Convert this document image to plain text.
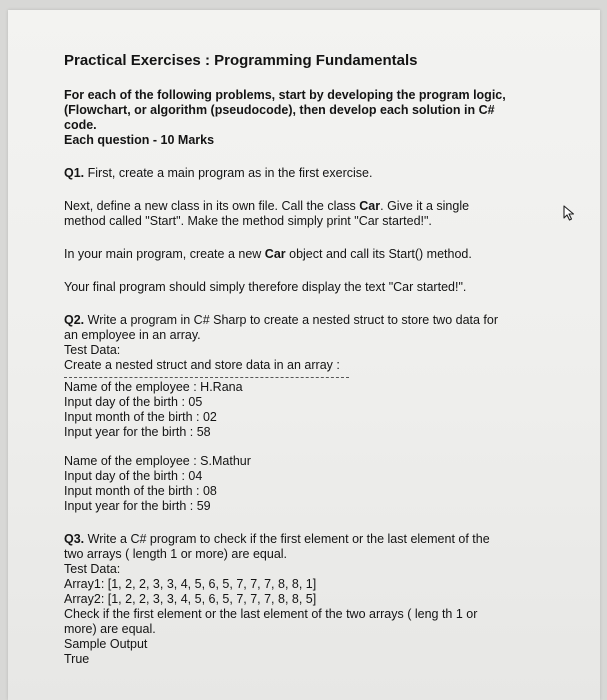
Practical Exercises : Programming Fundamentals
For each of the following problems, start by developing the program logic,
(Flowchart, or algorithm (pseudocode), then develop each solution in C#
code.
Each question - 10 Marks

Q1. First, create a main program as in the first exercise.

Next, define a new class in its own file. Call the class Car. Give it a single
method called "Start". Make the method simply print "Car started!".

In your main program, create a new Car object and call its Start() method.

Your final program should simply therefore display the text "Car started!".

Q2. Write a program in C# Sharp to create a nested struct to store two data for
an employee in an array.
Test Data:
Create a nested struct and store data in an array :
Name of the employee : H.Rana
Input day of the birth : 05
Input month of the birth : 02
Input year for the birth : 58
Name of the employee : S.Mathur
Input day of the birth : 04
Input month of the birth : 08
Input year for the birth : 59
Q3. Write a C# program to check if the first element or the last element of the
two arrays ( length 1 or more) are equal.
Test Data:
Array1: [1, 2, 2, 3, 3, 4, 5, 6, 5, 7, 7, 7, 8, 8, 1]
Array2: [1, 2, 2, 3, 3, 4, 5, 6, 5, 7, 7, 7, 8, 8, 5]
Check if the first element or the last element of the two arrays ( leng th 1 or
more) are equal.
Sample Output
True
